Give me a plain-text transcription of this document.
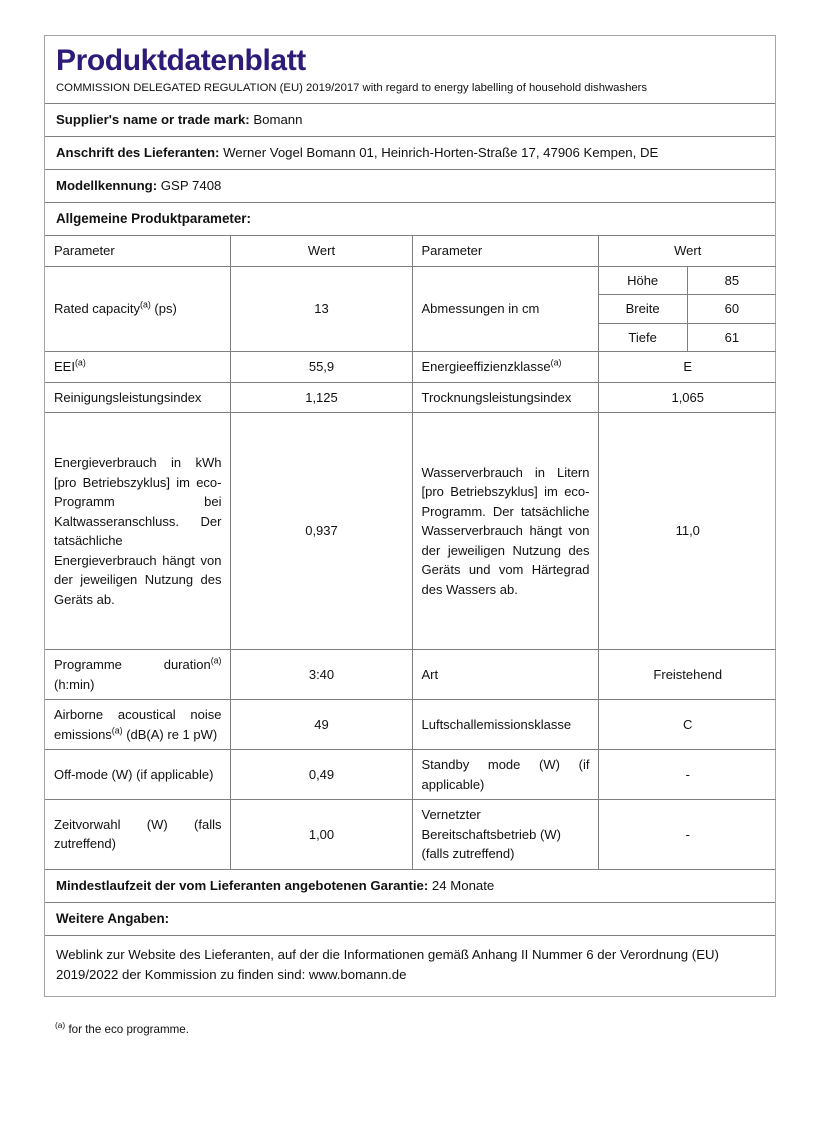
Produktdatenblatt
COMMISSION DELEGATED REGULATION (EU) 2019/2017 with regard to energy labelling of household dishwashers
Supplier's name or trade mark: Bomann
Anschrift des Lieferanten: Werner Vogel Bomann 01, Heinrich-Horten-Straße 17, 47906 Kempen, DE
Modellkennung: GSP 7408
Allgemeine Produktparameter:
Parameter	Wert	Parameter	Wert
Rated capacity$^{(a)}$ (ps)	13	Abmessungen in cm	
Höhe	85
Breite	60
Tiefe	61

EEI$^{(a)}$	55,9	Energieeffizienzklasse$^{(a)}$	E
Reinigungsleistungsindex	1,125	Trocknungsleistungsindex	1,065
Energieverbrauch in kWh [pro Betriebszyklus] im eco-Programm bei Kaltwasseranschluss. Der tatsächliche Energieverbrauch hängt von der jeweiligen Nutzung des Geräts ab.	0,937	Wasserverbrauch in Litern [pro Betriebszyklus] im eco-Programm. Der tatsächliche Wasserverbrauch hängt von der jeweiligen Nutzung des Geräts und vom Härtegrad des Wassers ab.	11,0
Programme duration$^{(a)}$ (h:min)	3:40	Art	Freistehend
Airborne acoustical noise emissions$^{(a)}$ (dB(A) re 1 pW)	49	Luftschallemissionsklasse	C
Off-mode (W) (if applicable)	0,49	Standby mode (W) (if applicable)	-
Zeitvorwahl (W) (falls zutreffend)	1,00	Vernetzter Bereitschaftsbetrieb (W) (falls zutreffend)	-
Mindestlaufzeit der vom Lieferanten angebotenen Garantie: 24 Monate
Weitere Angaben:
Weblink zur Website des Lieferanten, auf der die Informationen gemäß Anhang II Nummer 6 der Verordnung (EU) 2019/2022 der Kommission zu finden sind: www.bomann.de
$^{(a)}$ for the eco programme.
